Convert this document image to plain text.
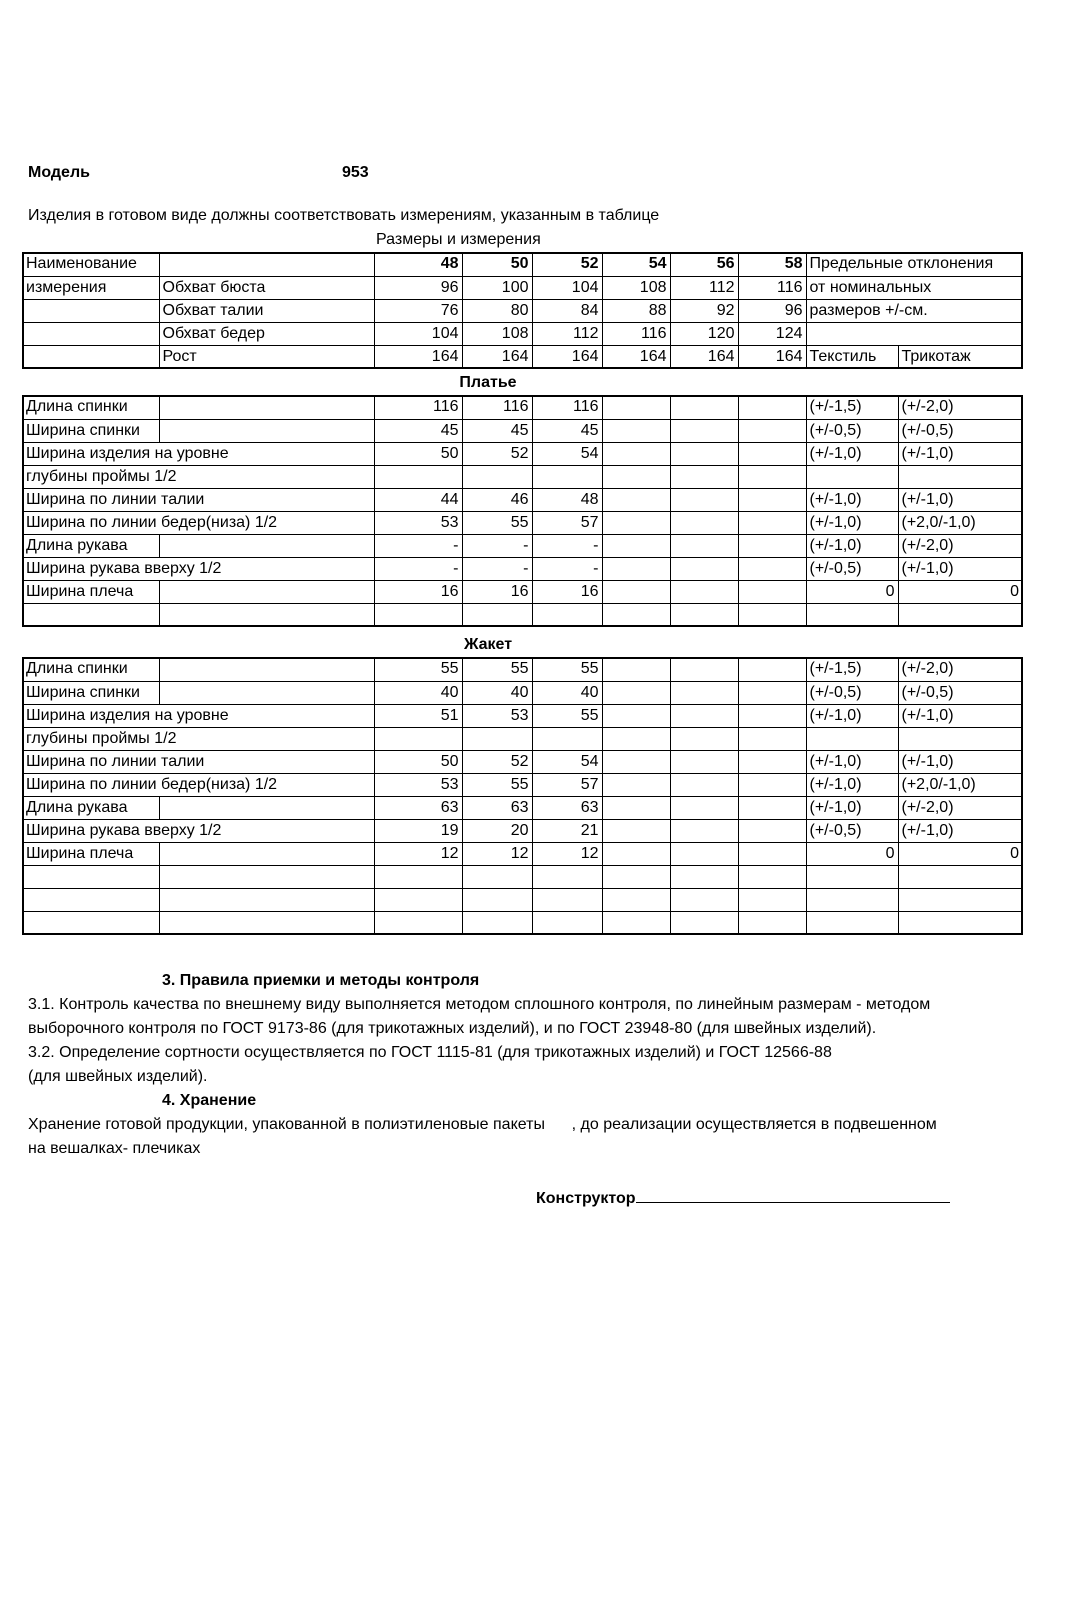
Модель	953
Изделия в готовом виде должны соответствовать измерениям, указанным в таблице
Размеры и измерения
Наименование		48	50	52	54	56	58	Предельные отклонения	
измерения	Обхват бюста	96	100	104	108	112	116	от номинальных	
	Обхват талии	76	80	84	88	92	96	размеров +/-см.	
	Обхват бедер	104	108	112	116	120	124		
	Рост	164	164	164	164	164	164	Текстиль	Трикотаж
Платье
Длина спинки		116	116	116				(+/-1,5)	(+/-2,0)
Ширина спинки		45	45	45				(+/-0,5)	(+/-0,5)
Ширина изделия на уровне		50	52	54				(+/-1,0)	(+/-1,0)
глубины проймы 1/2									
Ширина по линии талии		44	46	48				(+/-1,0)	(+/-1,0)
Ширина по линии бедер(низа) 1/2		53	55	57				(+/-1,0)	(+2,0/-1,0)
Длина рукава		-	-	-				(+/-1,0)	(+/-2,0)
Ширина рукава вверху 1/2		-	-	-				(+/-0,5)	(+/-1,0)
Ширина плеча		16	16	16				0	0

Жакет
Длина спинки		55	55	55				(+/-1,5)	(+/-2,0)
Ширина спинки		40	40	40				(+/-0,5)	(+/-0,5)
Ширина изделия на уровне		51	53	55				(+/-1,0)	(+/-1,0)
глубины проймы 1/2									
Ширина по линии талии		50	52	54				(+/-1,0)	(+/-1,0)
Ширина по линии бедер(низа) 1/2		53	55	57				(+/-1,0)	(+2,0/-1,0)
Длина рукава		63	63	63				(+/-1,0)	(+/-2,0)
Ширина рукава вверху 1/2		19	20	21				(+/-0,5)	(+/-1,0)
Ширина плеча		12	12	12				0	0

3. Правила приемки и методы контроля
3.1. Контроль качества по внешнему виду выполняется методом сплошного контроля, по линейным размерам - методом
выборочного контроля по ГОСТ 9173-86 (для трикотажных изделий), и по ГОСТ 23948-80 (для швейных изделий).
3.2. Определение сортности осуществляется по ГОСТ 1115-81 (для трикотажных изделий) и ГОСТ 12566-88
(для швейных изделий).
4. Хранение
Хранение готовой продукции, упакованной в полиэтиленовые пакеты      , до реализации осуществляется в подвешенном
на вешалках- плечиках
Конструктор
